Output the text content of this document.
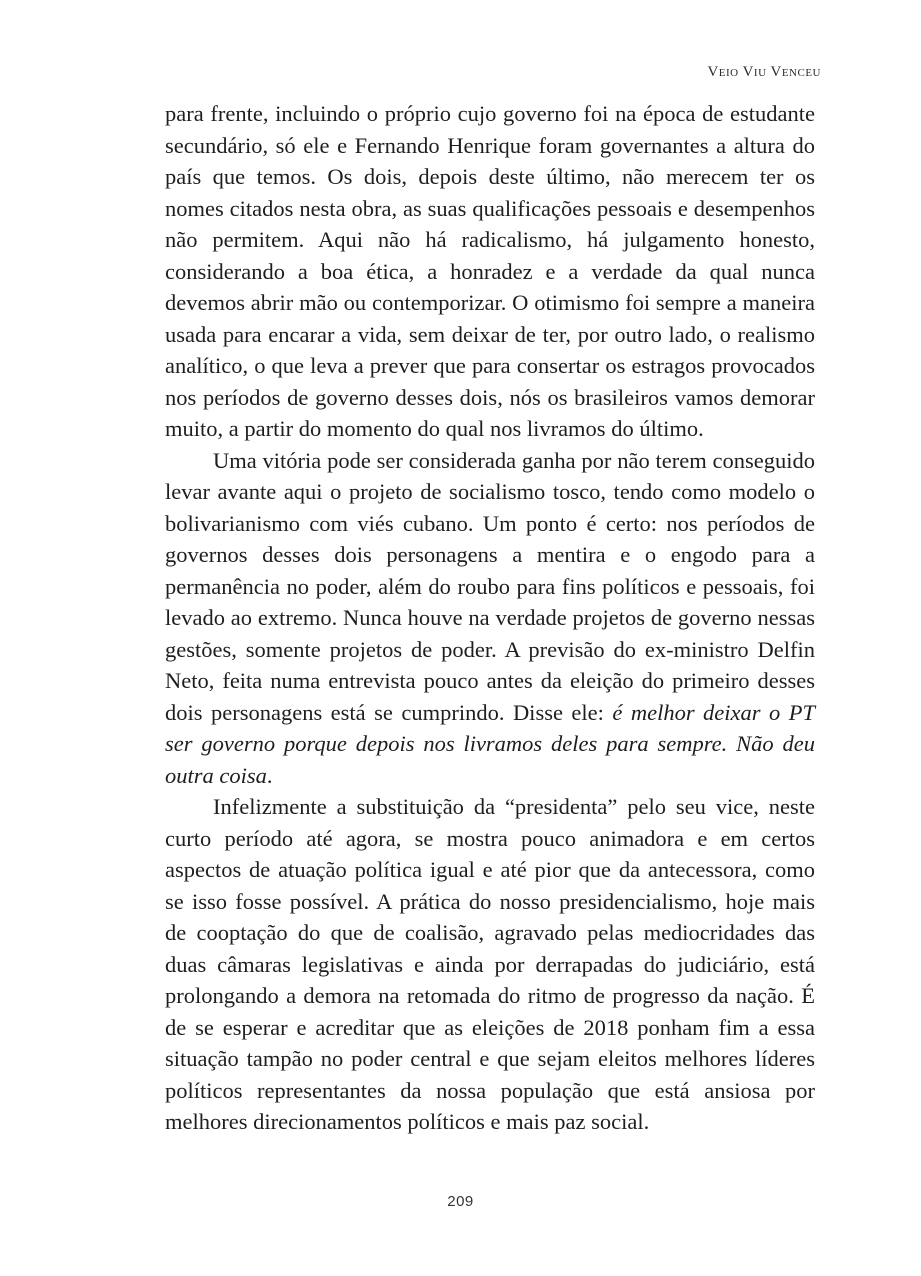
Veio Viu Venceu

para frente, incluindo o próprio cujo governo foi na época de estudante secundário, só ele e Fernando Henrique foram governantes a altura do país que temos. Os dois, depois deste último, não merecem ter os nomes citados nesta obra, as suas qualificações pessoais e desempenhos não permitem. Aqui não há radicalismo, há julgamento honesto, considerando a boa ética, a honradez e a verdade da qual nunca devemos abrir mão ou contemporizar. O otimismo foi sempre a maneira usada para encarar a vida, sem deixar de ter, por outro lado, o realismo analítico, o que leva a prever que para consertar os estragos provocados nos períodos de governo desses dois, nós os brasileiros vamos demorar muito, a partir do momento do qual nos livramos do último.

Uma vitória pode ser considerada ganha por não terem conseguido levar avante aqui o projeto de socialismo tosco, tendo como modelo o bolivarianismo com viés cubano. Um ponto é certo: nos períodos de governos desses dois personagens a mentira e o engodo para a permanência no poder, além do roubo para fins políticos e pessoais, foi levado ao extremo. Nunca houve na verdade projetos de governo nessas gestões, somente projetos de poder. A previsão do ex-ministro Delfin Neto, feita numa entrevista pouco antes da eleição do primeiro desses dois personagens está se cumprindo. Disse ele: é melhor deixar o PT ser governo porque depois nos livramos deles para sempre. Não deu outra coisa.

Infelizmente a substituição da “presidenta” pelo seu vice, neste curto período até agora, se mostra pouco animadora e em certos aspectos de atuação política igual e até pior que da antecessora, como se isso fosse possível. A prática do nosso presidencialismo, hoje mais de cooptação do que de coalisão, agravado pelas mediocridades das duas câmaras legislativas e ainda por derrapadas do judiciário, está prolongando a demora na retomada do ritmo de progresso da nação. É de se esperar e acreditar que as eleições de 2018 ponham fim a essa situação tampão no poder central e que sejam eleitos melhores líderes políticos representantes da nossa população que está ansiosa por melhores direcionamentos políticos e mais paz social.

209
